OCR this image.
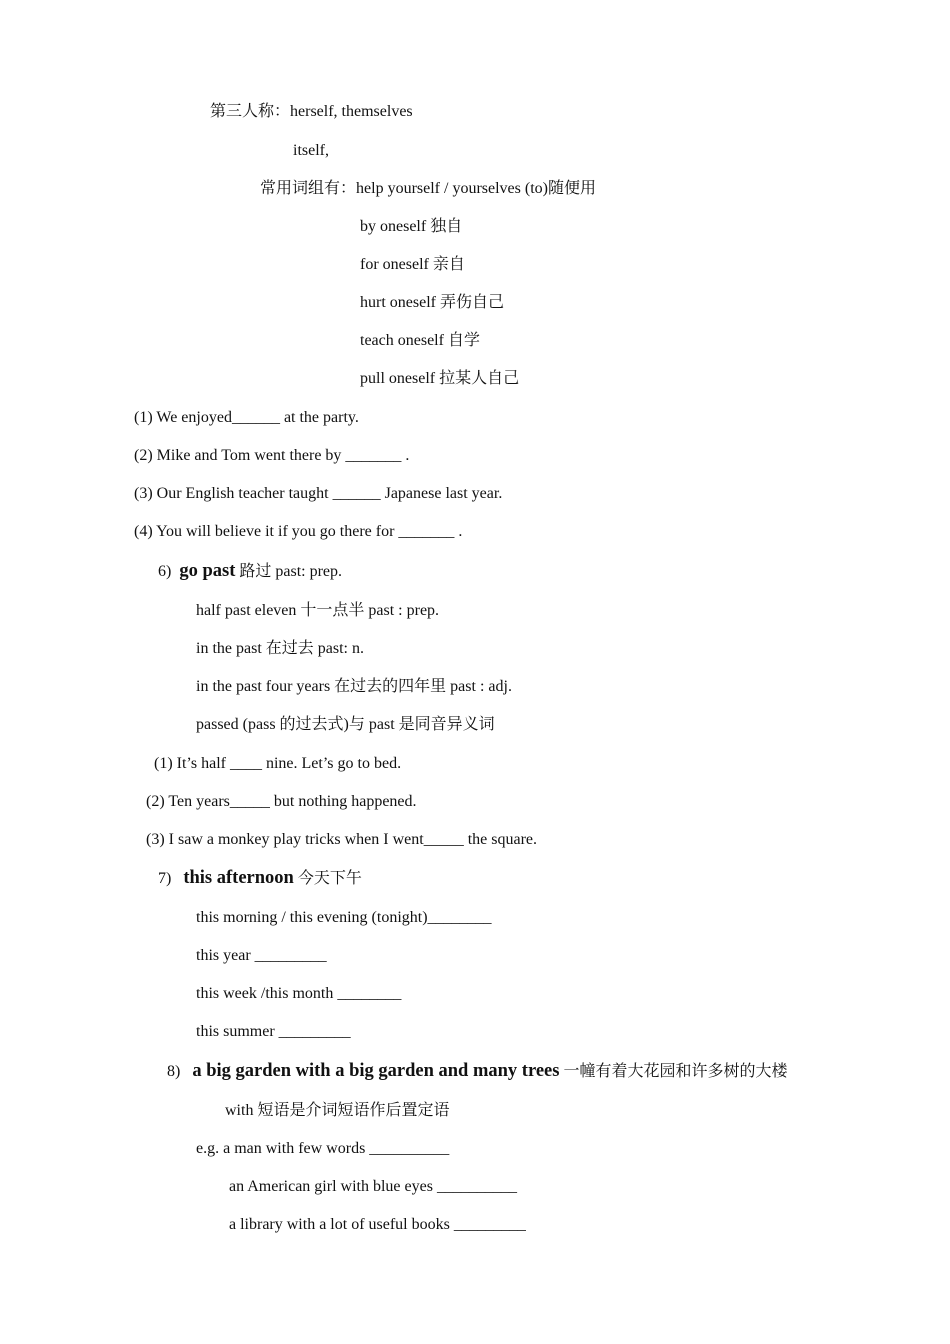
第三人称：herself, themselves
itself,
常用词组有：help yourself / yourselves (to)随便用
by oneself 独自
for oneself 亲自
hurt oneself 弄伤自己
teach oneself 自学
pull oneself 拉某人自己
(1) We enjoyed______ at the party.
(2) Mike and Tom went there by _______ .
(3) Our English teacher taught ______ Japanese last year.
(4) You will believe it if you go there for _______ .
6) go past 路过 past: prep.
half past eleven 十一点半 past : prep.
in the past 在过去 past: n.
in the past four years 在过去的四年里 past : adj.
passed (pass 的过去式)与 past 是同音异义词
(1) It’s half ____ nine. Let’s go to bed.
(2) Ten years_____ but nothing happened.
(3) I saw a monkey play tricks when I went_____ the square.
7) this afternoon 今天下午
this morning / this evening (tonight)________
this year _________
this week /this month ________
this summer _________
8) a big garden with a big garden and many trees 一幢有着大花园和许多树的大楼
with 短语是介词短语作后置定语
e.g. a man with few words __________
an American girl with blue eyes __________
a library with a lot of useful books _________
